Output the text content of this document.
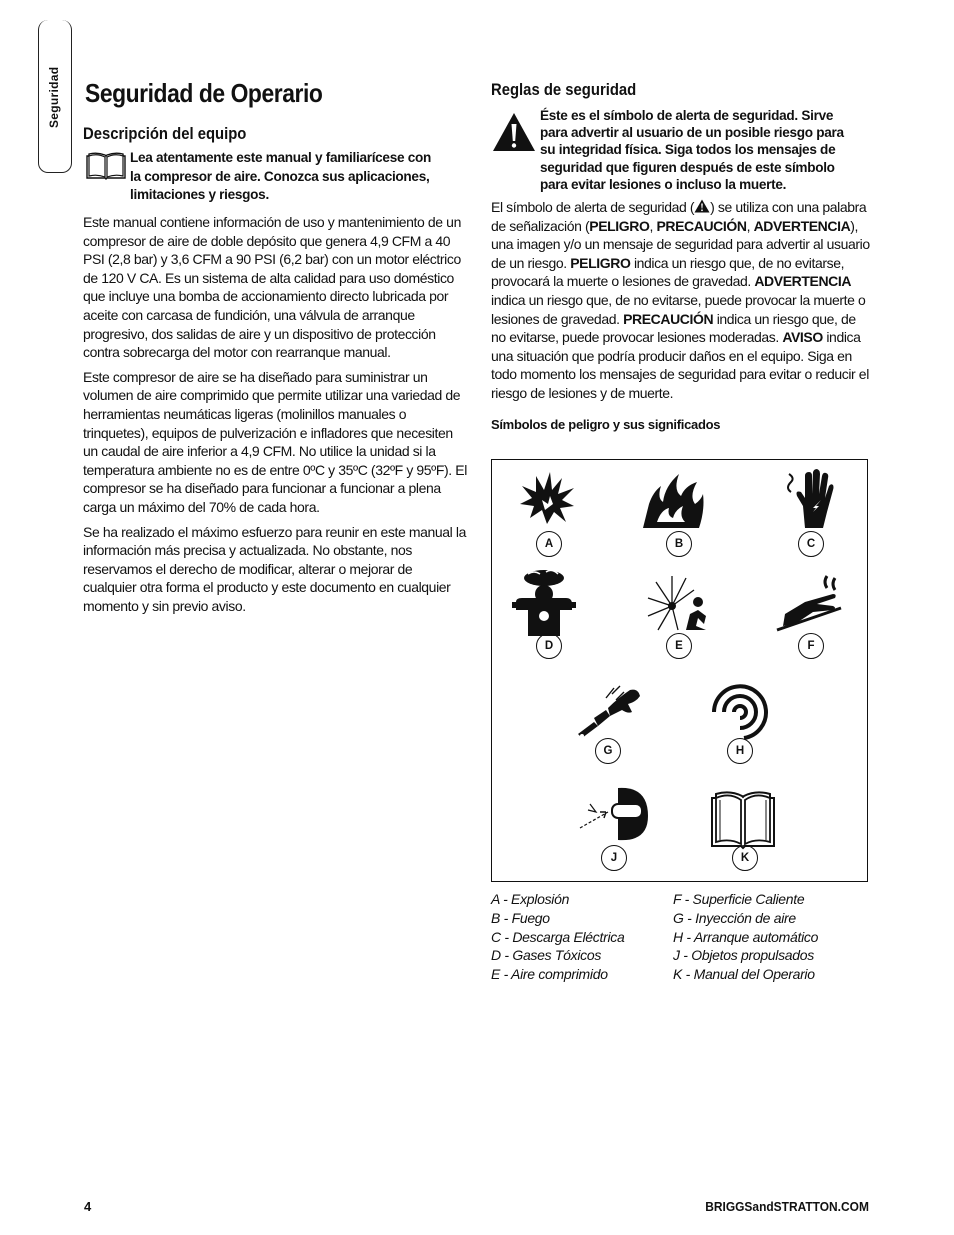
Seguridad Seguridad de Operario
Descripción del equipo
Lea atentamente este manual y familiarícese con
la compresor de aire. Conozca sus aplicaciones,
limitaciones y riesgos.

Este manual contiene información de uso y mantenimiento de un compresor de aire de doble depósito que genera 4,9 CFM a 40 PSI (2,8 bar) y 3,6 CFM a 90 PSI (6,2 bar) con un motor eléctrico de 120 V CA. Es un sistema de alta calidad para uso doméstico que incluye una bomba de accionamiento directo lubricada por aceite con carcasa de fundición, una válvula de arranque progresivo, dos salidas de aire y un dispositivo de protección contra sobrecarga del motor con rearranque manual.

Este compresor de aire se ha diseñado para suministrar un volumen de aire comprimido que permite utilizar una variedad de herramientas neumáticas ligeras (molinillos manuales o trinquetes), equipos de pulverización e infladores que necesiten un caudal de aire inferior a 4,9 CFM. No utilice la unidad si la temperatura ambiente no es de entre 0ºC y 35ºC (32ºF y 95ºF). El compresor se ha diseñado para funcionar a funcionar a plena carga un máximo del 70% de cada hora.

Se ha realizado el máximo esfuerzo para reunir en este manual la información más precisa y actualizada. No obstante, nos reservamos el derecho de modificar, alterar o mejorar de cualquier otra forma el producto y este documento en cualquier momento y sin previo aviso.

Reglas de seguridad
Éste es el símbolo de alerta de seguridad. Sirve
para advertir al usuario de un posible riesgo para
su integridad física. Siga todos los mensajes de
seguridad que figuren después de este símbolo
para evitar lesiones o incluso la muerte.
El símbolo de alerta de seguridad ( ) se utiliza con una palabra de señalización (PELIGRO, PRECAUCIÓN, ADVERTENCIA), una imagen y/o un mensaje de seguridad para advertir al usuario de un riesgo. PELIGRO indica un riesgo que, de no evitarse, provocará la muerte o lesiones de gravedad. ADVERTENCIA indica un riesgo que, de no evitarse, puede provocar la muerte o lesiones de gravedad. PRECAUCIÓN indica un riesgo que, de no evitarse, puede provocar lesiones moderadas. AVISO indica una situación que podría producir daños en el equipo. Siga en todo momento los mensajes de seguridad para evitar o reducir el riesgo de lesiones y de muerte.
Símbolos de peligro y sus significados
A	B	C
D	E	F
G	H
J	K
A - Explosión
B - Fuego
C - Descarga Eléctrica
D - Gases Tóxicos
E - Aire comprimido
F - Superficie Caliente
G - Inyección de aire
H - Arranque automático
J - Objetos propulsados
K - Manual del Operario
4	BRIGGSandSTRATTON.COM
